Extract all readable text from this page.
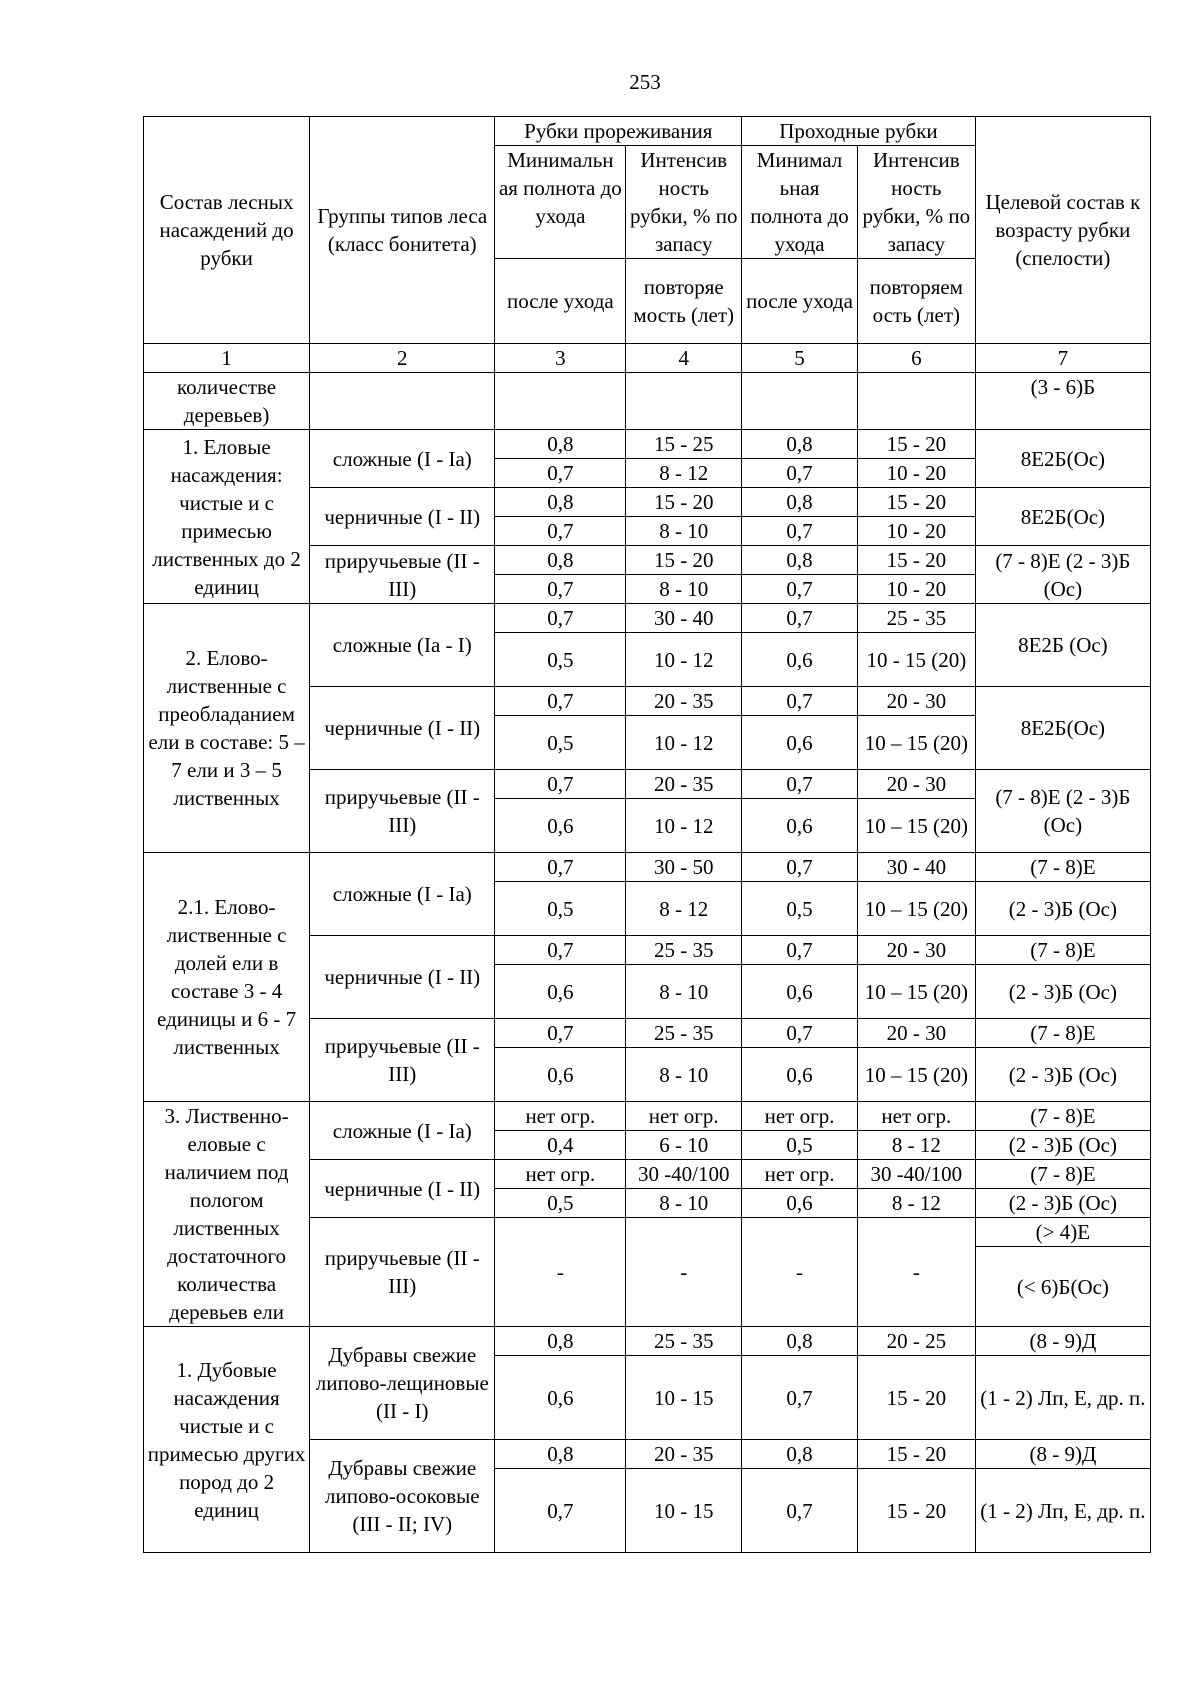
253
Состав лесных насаждений до рубки	Группы типов леса (класс бонитета)	Рубки прореживания		Проходные рубки		Целевой состав к возрасту рубки (спелости)
		Минимальн ая полнота до ухода	Интенсив ность рубки, % по запасу	Минимал ьная полнота до ухода	Интенсив ность рубки, % по запасу	
		после ухода	повторяе мость (лет)	после ухода	повторяем ость (лет)	
1	2	3	4	5	6	7
количестве деревьев)						(3 - 6)Б
1. Еловые насаждения: чистые и с примесью лиственных до 2 единиц	сложные (I - Ia)	0,8	15 - 25	0,8	15 - 20	8Е2Б(Ос)
		0,7	8 - 12	0,7	10 - 20	
	черничные (I - II)	0,8	15 - 20	0,8	15 - 20	8Е2Б(Ос)
		0,7	8 - 10	0,7	10 - 20	
	приручьевые (II - III)	0,8	15 - 20	0,8	15 - 20	(7 - 8)Е (2 - 3)Б (Ос)
		0,7	8 - 10	0,7	10 - 20	
2. Елово-лиственные с преобладанием ели в составе: 5 – 7 ели и 3 – 5 лиственных	сложные (Ia - I)	0,7	30 - 40	0,7	25 - 35	8Е2Б (Ос)
		0,5	10 - 12	0,6	10 - 15 (20)	
	черничные (I - II)	0,7	20 - 35	0,7	20 - 30	8Е2Б(Ос)
		0,5	10 - 12	0,6	10 – 15 (20)	
	приручьевые (II - III)	0,7	20 - 35	0,7	20 - 30	(7 - 8)Е (2 - 3)Б (Ос)
		0,6	10 - 12	0,6	10 – 15 (20)	
2.1. Елово-лиственные с долей ели в составе 3 - 4 единицы и 6 - 7 лиственных	сложные (I - Ia)	0,7	30 - 50	0,7	30 - 40	(7 - 8)Е
		0,5	8 - 12	0,5	10 – 15 (20)	(2 - 3)Б (Ос)
	черничные (I - II)	0,7	25 - 35	0,7	20 - 30	(7 - 8)Е
		0,6	8 - 10	0,6	10 – 15 (20)	(2 - 3)Б (Ос)
	приручьевые (II - III)	0,7	25 - 35	0,7	20 - 30	(7 - 8)Е
		0,6	8 - 10	0,6	10 – 15 (20)	(2 - 3)Б (Ос)
3. Лиственно-еловые с наличием под пологом лиственных достаточного количества деревьев ели	сложные (I - Ia)	нет огр.	нет огр.	нет огр.	нет огр.	(7 - 8)Е
		0,4	6 - 10	0,5	8 - 12	(2 - 3)Б (Ос)
	черничные (I - II)	нет огр.	30 -40/100	нет огр.	30 -40/100	(7 - 8)Е
		0,5	8 - 10	0,6	8 - 12	(2 - 3)Б (Ос)
	приручьевые (II - III)	-	-	-	-	(> 4)Е
						(< 6)Б(Ос)
1. Дубовые насаждения чистые и с примесью других пород до 2 единиц	Дубравы свежие липово-лещиновые (II - I)	0,8	25 - 35	0,8	20 - 25	(8 - 9)Д
		0,6	10 - 15	0,7	15 - 20	(1 - 2) Лп, Е, др. п.
	Дубравы свежие липово-осоковые (III - II; IV)	0,8	20 - 35	0,8	15 - 20	(8 - 9)Д
		0,7	10 - 15	0,7	15 - 20	(1 - 2) Лп, Е, др. п.
